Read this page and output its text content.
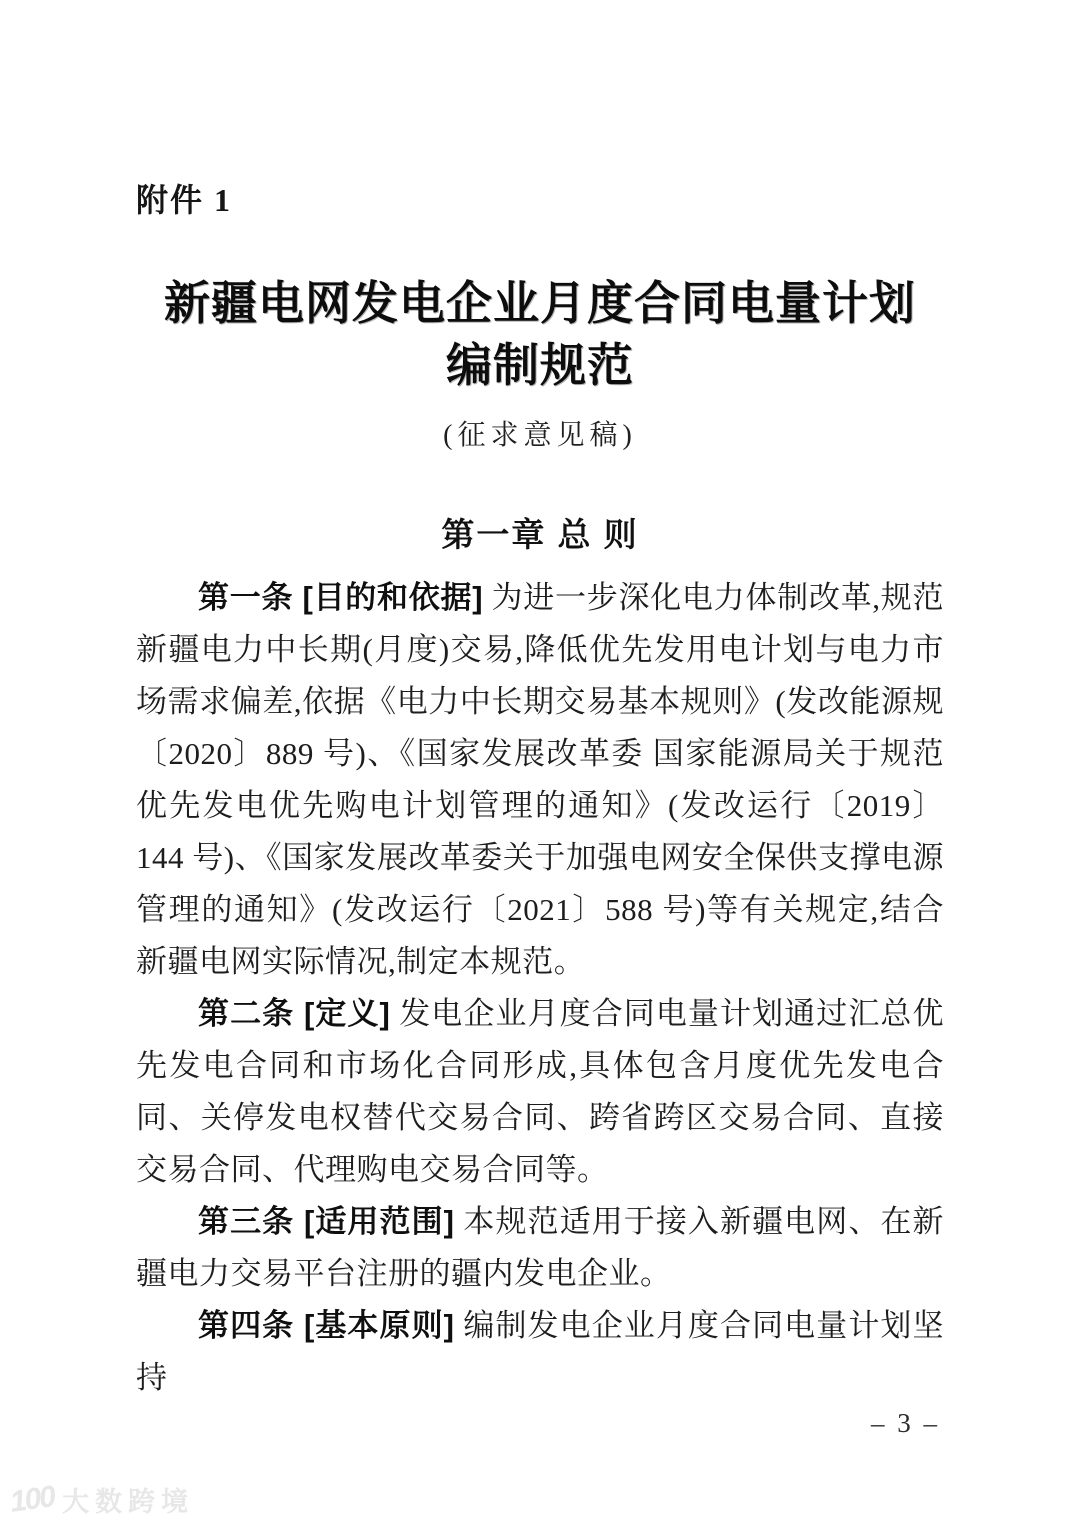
附件 1
新疆电网发电企业月度合同电量计划
编制规范
(征求意见稿)
第一章 总 则

第一条 [目的和依据] 为进一步深化电力体制改革,规范新疆电力中长期(月度)交易,降低优先发用电计划与电力市场需求偏差,依据《电力中长期交易基本规则》(发改能源规〔2020〕889 号)、《国家发展改革委 国家能源局关于规范优先发电优先购电计划管理的通知》(发改运行〔2019〕144 号)、《国家发展改革委关于加强电网安全保供支撑电源管理的通知》(发改运行〔2021〕588 号)等有关规定,结合新疆电网实际情况,制定本规范。

第二条 [定义] 发电企业月度合同电量计划通过汇总优先发电合同和市场化合同形成,具体包含月度优先发电合同、关停发电权替代交易合同、跨省跨区交易合同、直接交易合同、代理购电交易合同等。

第三条 [适用范围] 本规范适用于接入新疆电网、在新疆电力交易平台注册的疆内发电企业。

第四条 [基本原则] 编制发电企业月度合同电量计划坚持

– 3 –
100 大数跨境
